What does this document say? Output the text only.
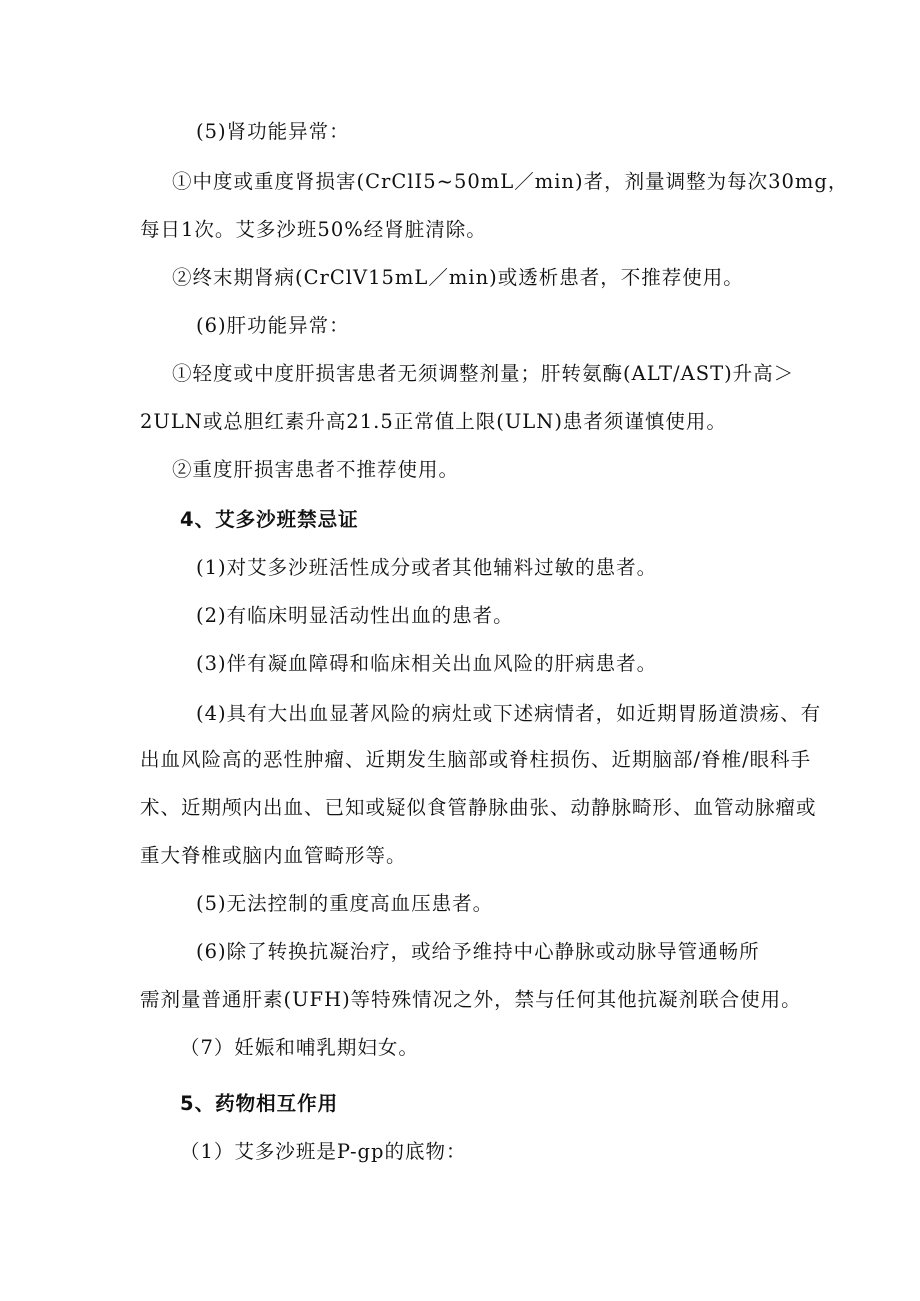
(5)肾功能异常：
①中度或重度肾损害(CrClI5~50mL／min)者，剂量调整为每次30mg，
每日1次。艾多沙班50%经肾脏清除。
②终末期肾病(CrClV15mL／min)或透析患者，不推荐使用。
(6)肝功能异常：
①轻度或中度肝损害患者无须调整剂量；肝转氨酶(ALT/AST)升高＞
2ULN或总胆红素升高21.5正常值上限(ULN)患者须谨慎使用。
②重度肝损害患者不推荐使用。
4、艾多沙班禁忌证
(1)对艾多沙班活性成分或者其他辅料过敏的患者。
(2)有临床明显活动性出血的患者。
(3)伴有凝血障碍和临床相关出血风险的肝病患者。
(4)具有大出血显著风险的病灶或下述病情者，如近期胃肠道溃疡、有
出血风险高的恶性肿瘤、近期发生脑部或脊柱损伤、近期脑部/脊椎/眼科手
术、近期颅内出血、已知或疑似食管静脉曲张、动静脉畸形、血管动脉瘤或
重大脊椎或脑内血管畸形等。
(5)无法控制的重度高血压患者。
(6)除了转换抗凝治疗，或给予维持中心静脉或动脉导管通畅所
需剂量普通肝素(UFH)等特殊情况之外，禁与任何其他抗凝剂联合使用。
（7）妊娠和哺乳期妇女。
5、药物相互作用
（1）艾多沙班是P-gp的底物：
